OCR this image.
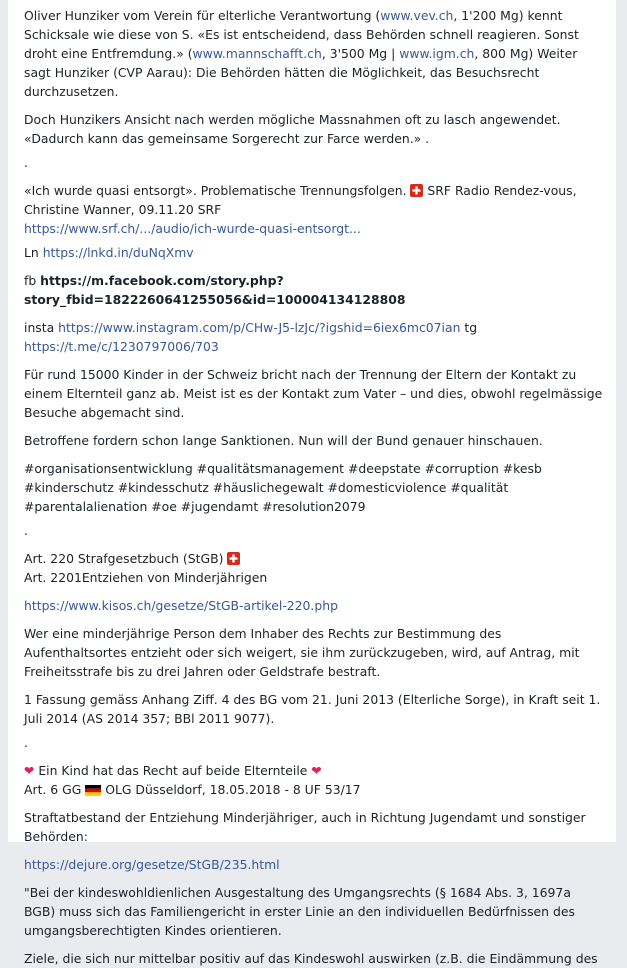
Oliver Hunziker vom Verein für elterliche Verantwortung (www.vev.ch, 1'200 Mg) kennt Schicksale wie diese von S. «Es ist entscheidend, dass Behörden schnell reagieren. Sonst droht eine Entfremdung.» (www.mannschafft.ch, 3'500 Mg | www.igm.ch, 800 Mg) Weiter sagt Hunziker (CVP Aarau): Die Behörden hätten die Möglichkeit, das Besuchsrecht durchzusetzen.

Doch Hunzikers Ansicht nach werden mögliche Massnahmen oft zu lasch angewendet. «Dadurch kann das gemeinsame Sorgerecht zur Farce werden.» .

.

«Ich wurde quasi entsorgt». Problematische Trennungsfolgen.  SRF Radio Rendez-vous, Christine Wanner, 09.11.20 SRF
https://www.srf.ch/.../audio/ich-wurde-quasi-entsorgt...

Ln https://lnkd.in/duNqXmv

fb https://m.facebook.com/story.php?story_fbid=1822260641255056&id=100004134128808

insta https://www.instagram.com/p/CHw-J5-lzJc/?igshid=6iex6mc07ian tg https://t.me/c/1230797006/703

Für rund 15000 Kinder in der Schweiz bricht nach der Trennung der Eltern der Kontakt zu einem Elternteil ganz ab. Meist ist es der Kontakt zum Vater – und dies, obwohl regelmässige Besuche abgemacht sind.

Betroffene fordern schon lange Sanktionen. Nun will der Bund genauer hinschauen.

#organisationsentwicklung #qualitätsmanagement #deepstate #corruption #kesb #kinderschutz #kindesschutz #häuslichegewalt #domesticviolence #qualität #parentalalienation #oe #jugendamt #resolution2079

.

Art. 220 Strafgesetzbuch (StGB)
Art. 2201Entziehen von Minderjährigen

https://www.kisos.ch/gesetze/StGB-artikel-220.php

Wer eine minderjährige Person dem Inhaber des Rechts zur Bestimmung des Aufenthaltsortes entzieht oder sich weigert, sie ihm zurückzugeben, wird, auf Antrag, mit Freiheitsstrafe bis zu drei Jahren oder Geldstrafe bestraft.

1 Fassung gemäss Anhang Ziff. 4 des BG vom 21. Juni 2013 (Elterliche Sorge), in Kraft seit 1. Juli 2014 (AS 2014 357; BBl 2011 9077).

.

❤ Ein Kind hat das Recht auf beide Elternteile ❤
Art. 6 GG  OLG Düsseldorf, 18.05.2018 - 8 UF 53/17

Straftatbestand der Entziehung Minderjähriger, auch in Richtung Jugendamt und sonstiger Behörden:

https://dejure.org/gesetze/StGB/235.html

"Bei der kindeswohldienlichen Ausgestaltung des Umgangsrechts (§ 1684 Abs. 3, 1697a BGB) muss sich das Familiengericht in erster Linie an den individuellen Bedürfnissen des umgangsberechtigten Kindes orientieren.

Ziele, die sich nur mittelbar positiv auf das Kindeswohl auswirken (z.B. die Eindämmung des
